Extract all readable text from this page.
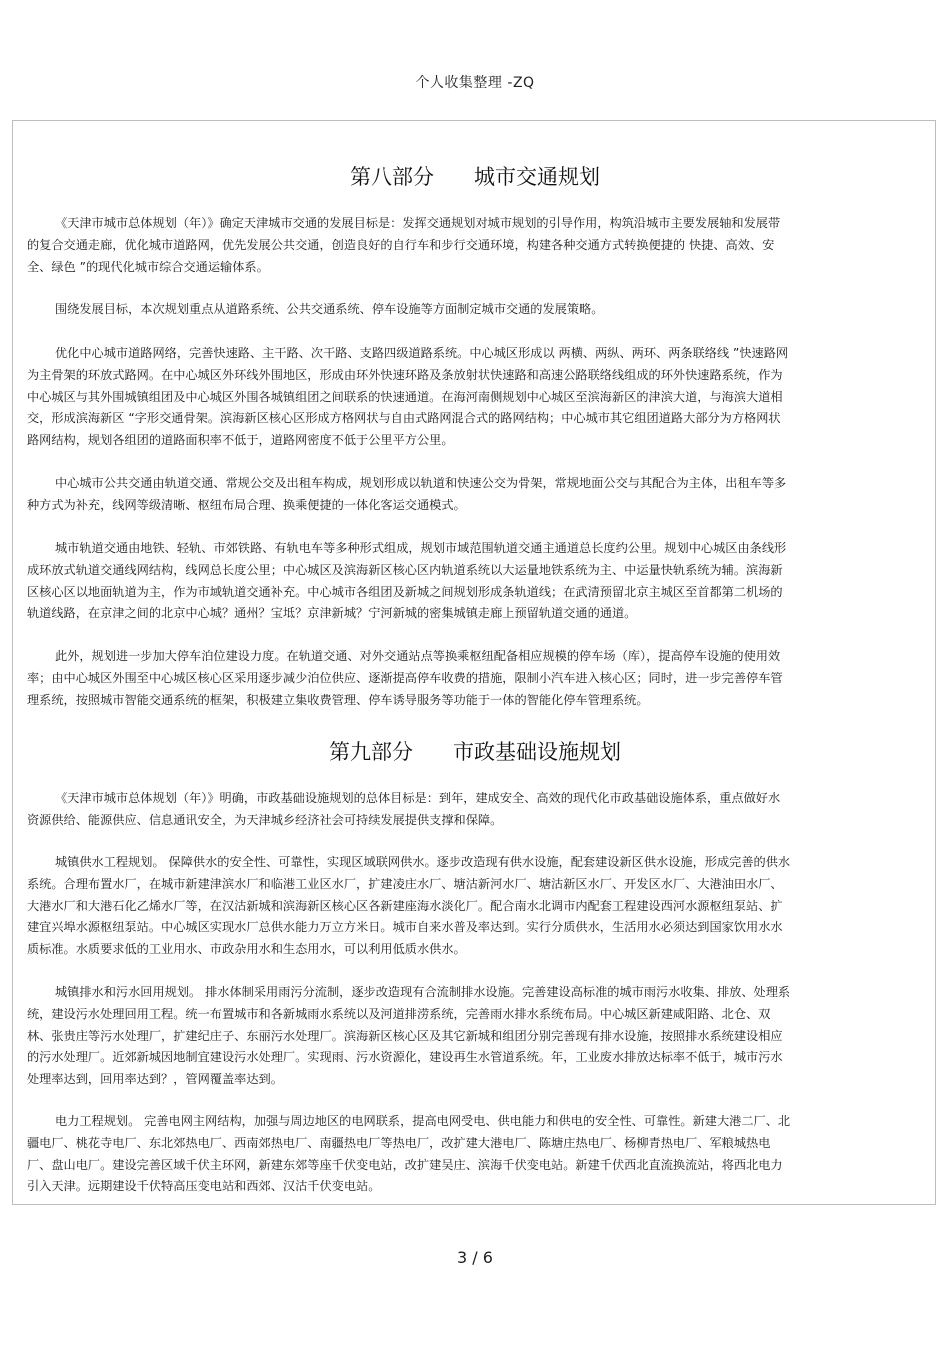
个人收集整理 -ZQ
第八部分      城市交通规划
《天津市城市总体规划（年）》确定天津城市交通的发展目标是：发挥交通规划对城市规划的引导作用，构筑沿城市主要发展轴和发展带
的复合交通走廊，优化城市道路网，优先发展公共交通，创造良好的自行车和步行交通环境，构建各种交通方式转换便捷的 快捷、高效、安
全、绿色 ”的现代化城市综合交通运输体系。
围绕发展目标，本次规划重点从道路系统、公共交通系统、停车设施等方面制定城市交通的发展策略。
优化中心城市道路网络，完善快速路、主干路、次干路、支路四级道路系统。中心城区形成以 两横、两纵、两环、两条联络线 ”快速路网
为主骨架的环放式路网。在中心城区外环线外围地区，形成由环外快速环路及条放射状快速路和高速公路联络线组成的环外快速路系统，作为
中心城区与其外围城镇组团及中心城区外围各城镇组团之间联系的快速通道。在海河南侧规划中心城区至滨海新区的津滨大道，与海滨大道相
交，形成滨海新区 “字形交通骨架。滨海新区核心区形成方格网状与自由式路网混合式的路网结构；中心城市其它组团道路大部分为方格网状
路网结构，规划各组团的道路面积率不低于，道路网密度不低于公里平方公里。
中心城市公共交通由轨道交通、常规公交及出租车构成，规划形成以轨道和快速公交为骨架，常规地面公交与其配合为主体，出租车等多
种方式为补充，线网等级清晰、枢纽布局合理、换乘便捷的一体化客运交通模式。
城市轨道交通由地铁、轻轨、市郊铁路、有轨电车等多种形式组成，规划市域范围轨道交通主通道总长度约公里。规划中心城区由条线形
成环放式轨道交通线网结构，线网总长度公里；中心城区及滨海新区核心区内轨道系统以大运量地铁系统为主、中运量快轨系统为辅。滨海新
区核心区以地面轨道为主，作为市域轨道交通补充。中心城市各组团及新城之间规划形成条轨道线；在武清预留北京主城区至首都第二机场的
轨道线路，在京津之间的北京中心城？通州？宝坻？京津新城？宁河新城的密集城镇走廊上预留轨道交通的通道。
此外，规划进一步加大停车泊位建设力度。在轨道交通、对外交通站点等换乘枢纽配备相应规模的停车场（库），提高停车设施的使用效
率；由中心城区外围至中心城区核心区采用逐步减少泊位供应、逐渐提高停车收费的措施，限制小汽车进入核心区；同时，进一步完善停车管
理系统，按照城市智能交通系统的框架，积极建立集收费管理、停车诱导服务等功能于一体的智能化停车管理系统。
第九部分      市政基础设施规划
《天津市城市总体规划（年）》明确，市政基础设施规划的总体目标是：到年，建成安全、高效的现代化市政基础设施体系，重点做好水
资源供给、能源供应、信息通讯安全，为天津城乡经济社会可持续发展提供支撑和保障。
城镇供水工程规划。 保障供水的安全性、可靠性，实现区域联网供水。逐步改造现有供水设施，配套建设新区供水设施，形成完善的供水
系统。合理布置水厂，在城市新建津滨水厂和临港工业区水厂，扩建凌庄水厂、塘沽新河水厂、塘沽新区水厂、开发区水厂、大港油田水厂、
大港水厂和大港石化乙烯水厂等，在汉沽新城和滨海新区核心区各新建座海水淡化厂。配合南水北调市内配套工程建设西河水源枢纽泵站、扩
建宜兴埠水源枢纽泵站。中心城区实现水厂总供水能力万立方米日。城市自来水普及率达到。实行分质供水，生活用水必须达到国家饮用水水
质标准。水质要求低的工业用水、市政杂用水和生态用水，可以利用低质水供水。
城镇排水和污水回用规划。 排水体制采用雨污分流制，逐步改造现有合流制排水设施。完善建设高标准的城市雨污水收集、排放、处理系
统，建设污水处理回用工程。统一布置城市和各新城雨水系统以及河道排涝系统，完善雨水排水系统布局。中心城区新建咸阳路、北仓、双
林、张贵庄等污水处理厂，扩建纪庄子、东丽污水处理厂。滨海新区核心区及其它新城和组团分别完善现有排水设施，按照排水系统建设相应
的污水处理厂。近郊新城因地制宜建设污水处理厂。实现雨、污水资源化，建设再生水管道系统。年，工业废水排放达标率不低于，城市污水
处理率达到，回用率达到？，管网覆盖率达到。
电力工程规划。 完善电网主网结构，加强与周边地区的电网联系，提高电网受电、供电能力和供电的安全性、可靠性。新建大港二厂、北
疆电厂、桃花寺电厂、东北郊热电厂、西南郊热电厂、南疆热电厂等热电厂，改扩建大港电厂、陈塘庄热电厂、杨柳青热电厂、军粮城热电
厂、盘山电厂。建设完善区域千伏主环网，新建东郊等座千伏变电站，改扩建吴庄、滨海千伏变电站。新建千伏西北直流换流站，将西北电力
引入天津。远期建设千伏特高压变电站和西郊、汉沽千伏变电站。
3 / 6
